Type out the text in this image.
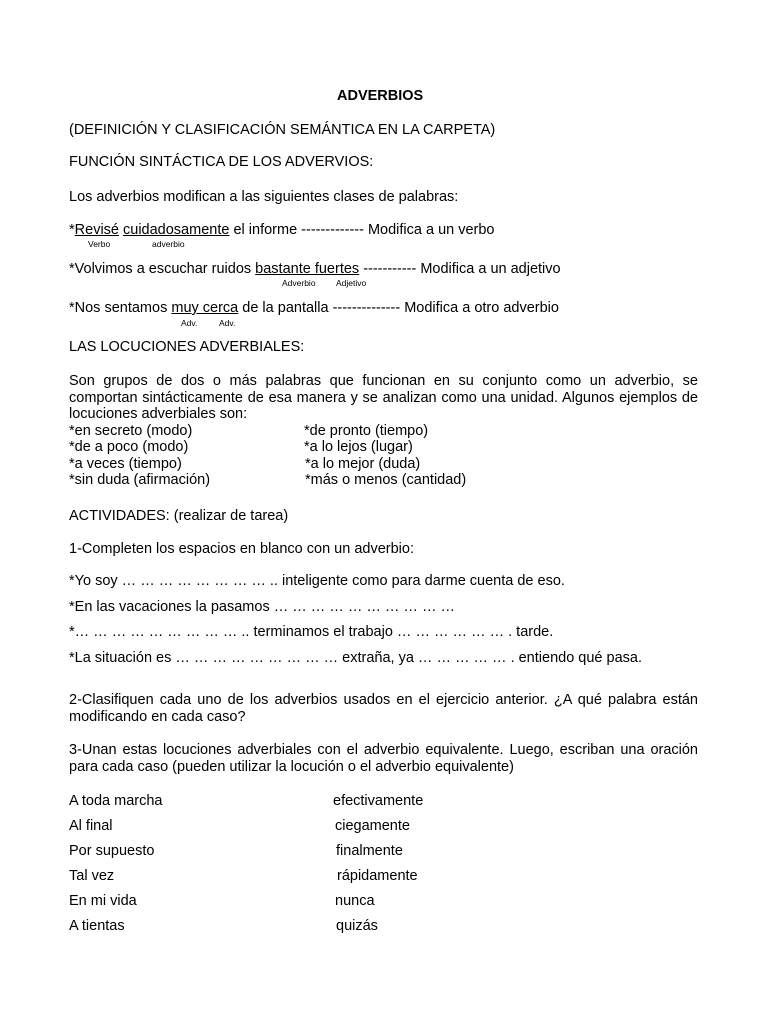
ADVERBIOS
(DEFINICIÓN Y CLASIFICACIÓN SEMÁNTICA EN LA CARPETA)
FUNCIÓN SINTÁCTICA DE LOS ADVERVIOS:
Los adverbios modifican a las siguientes clases de palabras:
*Revisé cuidadosamente el informe ------------- Modifica a un verbo
Verbo	adverbio
*Volvimos a escuchar ruidos bastante fuertes ----------- Modifica a un adjetivo
Adverbio Adjetivo
*Nos sentamos muy cerca de la pantalla -------------- Modifica a otro adverbio
Adv.	Adv.
LAS LOCUCIONES ADVERBIALES:
Son grupos de dos o más palabras que funcionan en su conjunto como un adverbio, se comportan sintácticamente de esa manera y se analizan como una unidad. Algunos ejemplos de locuciones adverbiales son:
*en secreto (modo)
*de a poco (modo)
*a veces (tiempo)
*sin duda (afirmación)
*de pronto (tiempo)
*a lo lejos (lugar)
*a lo mejor (duda)
*más o menos (cantidad)
ACTIVIDADES: (realizar de tarea)
1-Completen los espacios en blanco con un adverbio:
*Yo soy … … … … … … … … .. inteligente como para darme cuenta de eso.
*En las vacaciones la pasamos … … … … … … … … … …
*… … … … … … … … … .. terminamos el trabajo … … … … … … . tarde.
*La situación es … … … … … … … … … extraña, ya … … … … … . entiendo qué pasa.
2-Clasifiquen cada uno de los adverbios usados en el ejercicio anterior. ¿A qué palabra están modificando en cada caso?
3-Unan estas locuciones adverbiales con el adverbio equivalente. Luego, escriban una oración para cada caso (pueden utilizar la locución o el adverbio equivalente)
A toda marcha
Al final
Por supuesto
Tal vez
En mi vida
A tientas
efectivamente
ciegamente
finalmente
rápidamente
nunca
quizás
